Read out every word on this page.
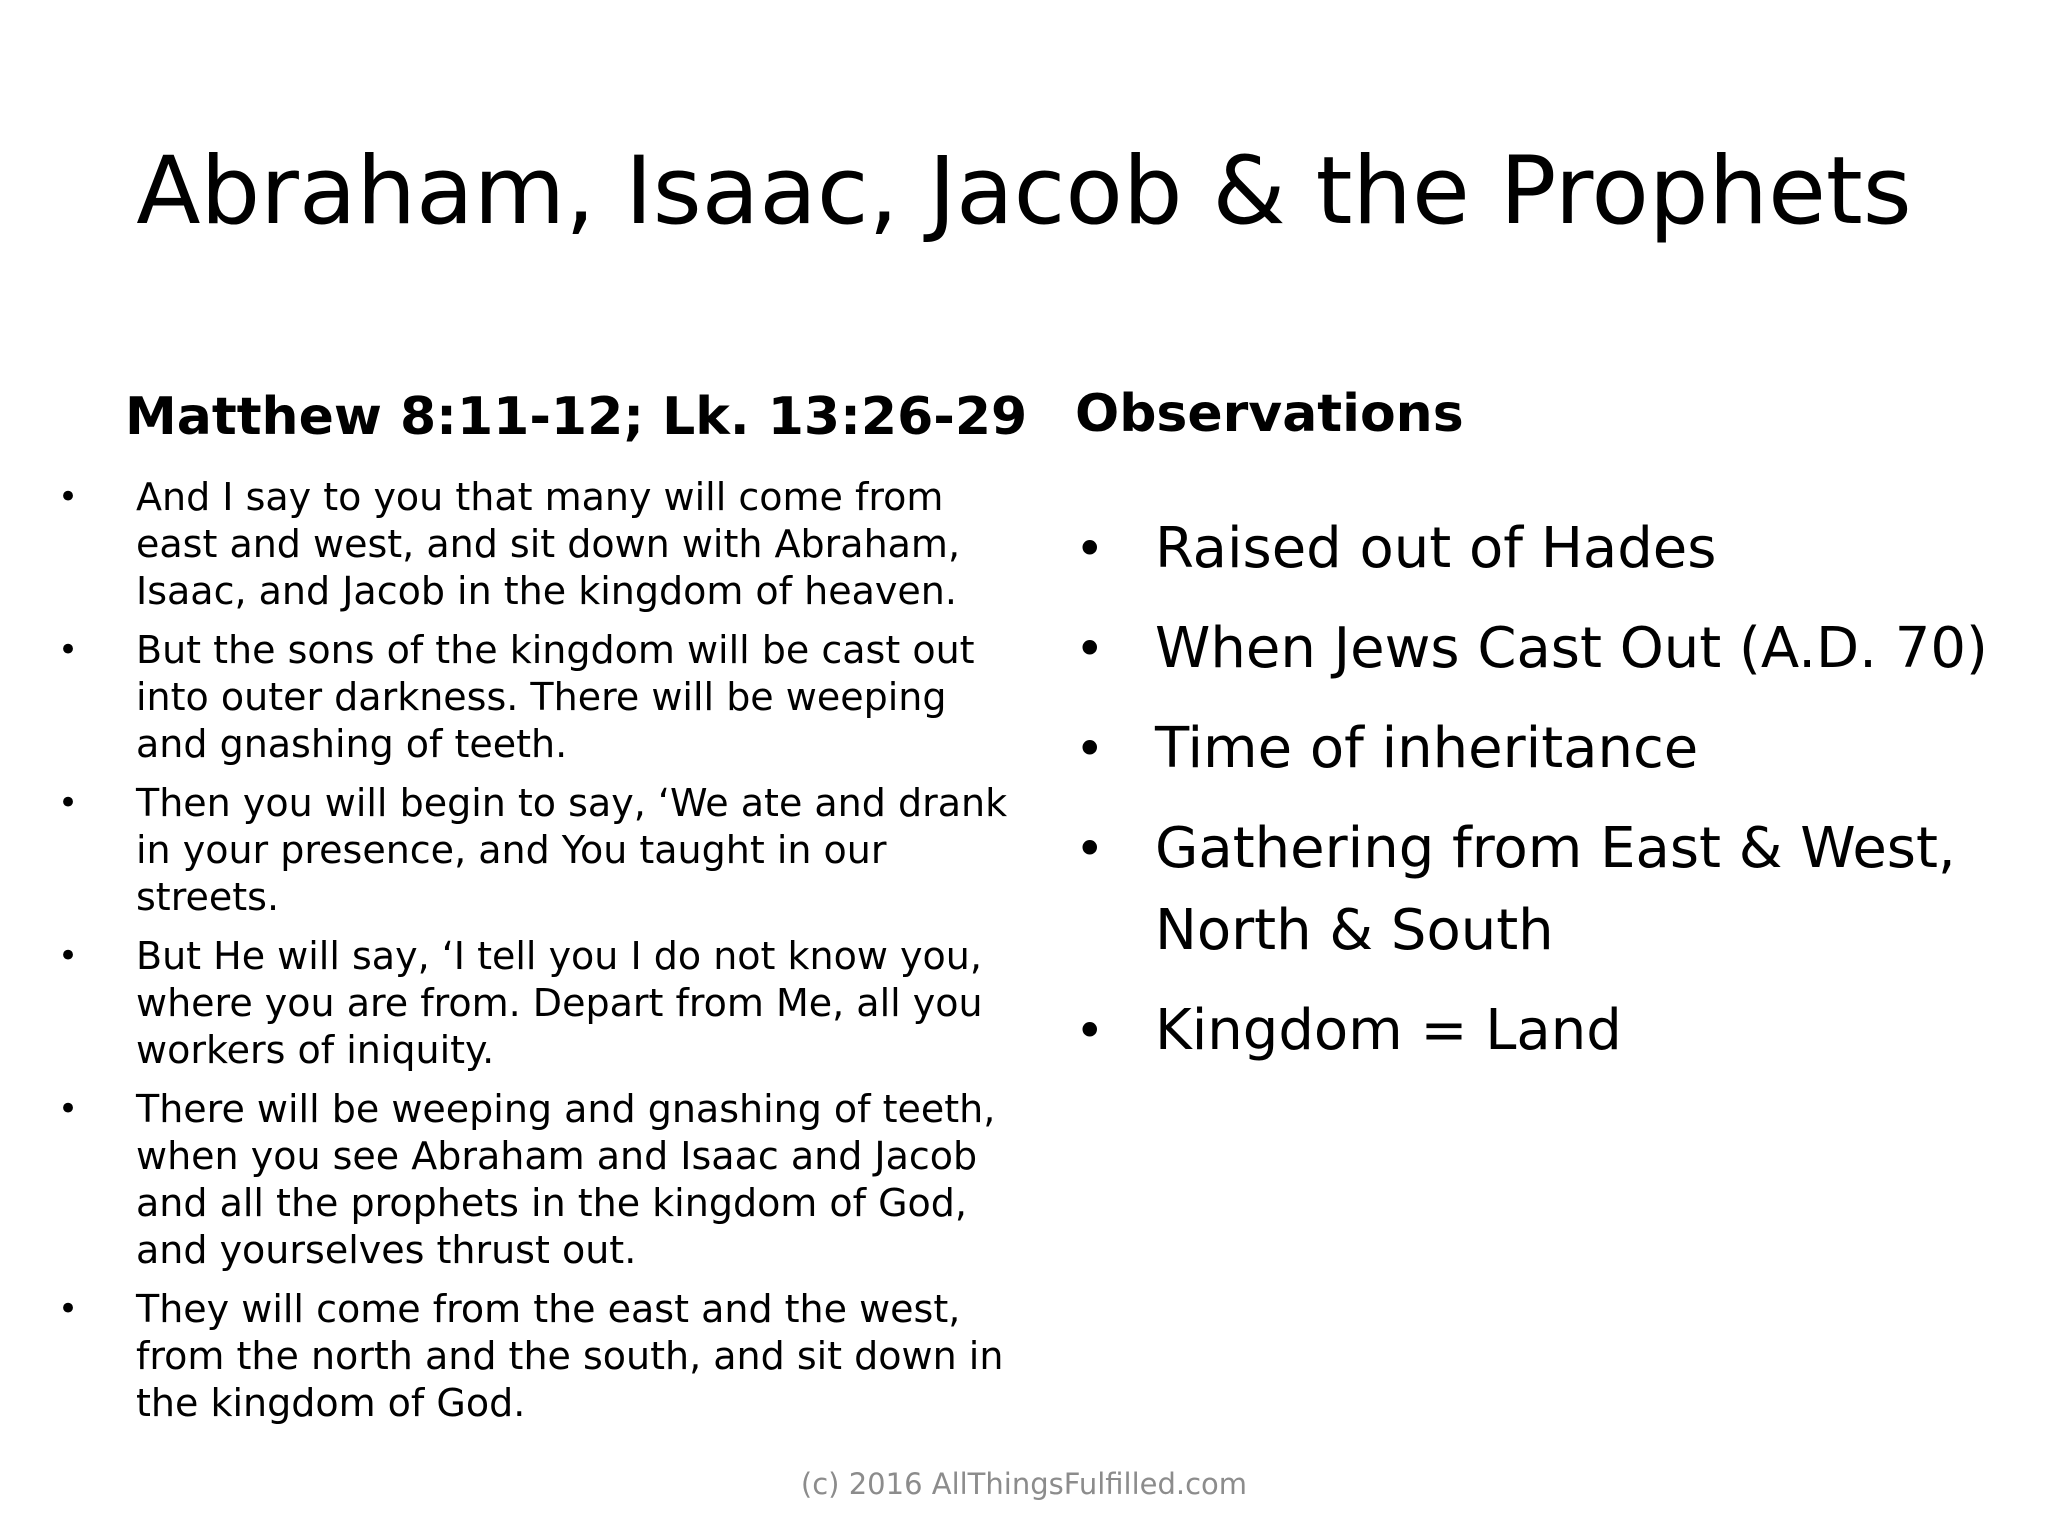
Abraham, Isaac, Jacob & the Prophets
Matthew 8:11-12; Lk. 13:26-29
• And I say to you that many will come from east and west, and sit down with Abraham, Isaac, and Jacob in the kingdom of heaven.
• But the sons of the kingdom will be cast out into outer darkness. There will be weeping and gnashing of teeth.
• Then you will begin to say, ‘We ate and drank in your presence, and You taught in our streets.
• But He will say, ‘I tell you I do not know you, where you are from. Depart from Me, all you workers of iniquity.
• There will be weeping and gnashing of teeth, when you see Abraham and Isaac and Jacob and all the prophets in the kingdom of God, and yourselves thrust out.
• They will come from the east and the west, from the north and the south, and sit down in the kingdom of God.
Observations
• Raised out of Hades
• When Jews Cast Out (A.D. 70)
• Time of inheritance
• Gathering from East & West, North & South
• Kingdom = Land
(c) 2016 AllThingsFulfilled.com
